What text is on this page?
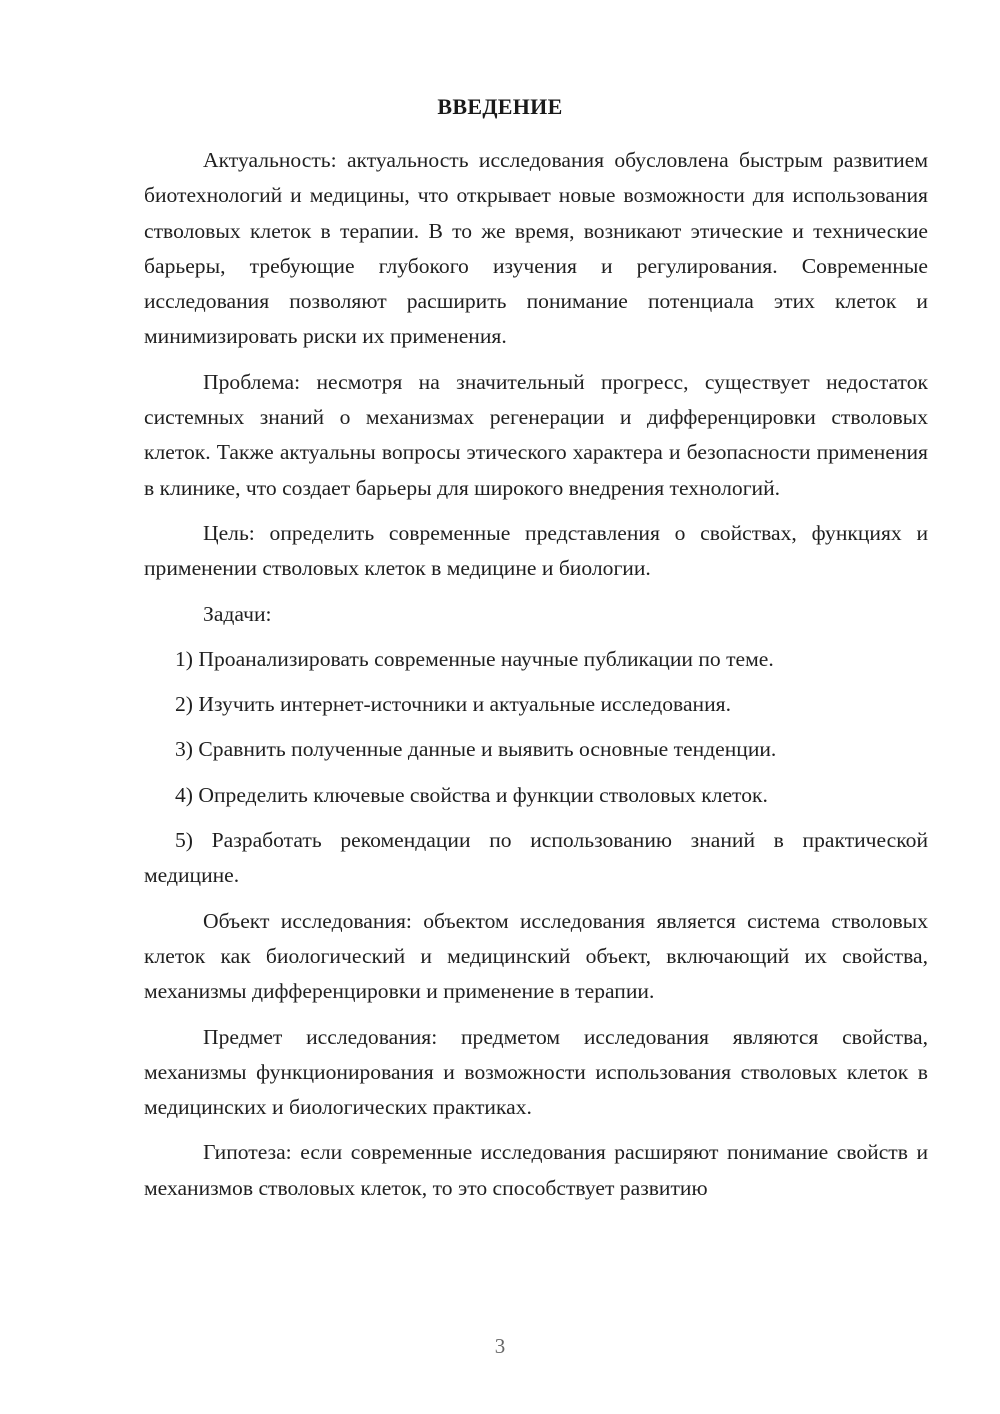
ВВЕДЕНИЕ

Актуальность: актуальность исследования обусловлена быстрым развитием биотехнологий и медицины, что открывает новые возможности для использования стволовых клеток в терапии. В то же время, возникают этические и технические барьеры, требующие глубокого изучения и регулирования. Современные исследования позволяют расширить понимание потенциала этих клеток и минимизировать риски их применения.

Проблема: несмотря на значительный прогресс, существует недостаток системных знаний о механизмах регенерации и дифференцировки стволовых клеток. Также актуальны вопросы этического характера и безопасности применения в клинике, что создает барьеры для широкого внедрения технологий.

Цель: определить современные представления о свойствах, функциях и применении стволовых клеток в медицине и биологии.

Задачи:

1) Проанализировать современные научные публикации по теме.

2) Изучить интернет-источники и актуальные исследования.

3) Сравнить полученные данные и выявить основные тенденции.

4) Определить ключевые свойства и функции стволовых клеток.

5) Разработать рекомендации по использованию знаний в практической медицине.

Объект исследования: объектом исследования является система стволовых клеток как биологический и медицинский объект, включающий их свойства, механизмы дифференцировки и применение в терапии.

Предмет исследования: предметом исследования являются свойства, механизмы функционирования и возможности использования стволовых клеток в медицинских и биологических практиках.

Гипотеза: если современные исследования расширяют понимание свойств и механизмов стволовых клеток, то это способствует развитию

3
